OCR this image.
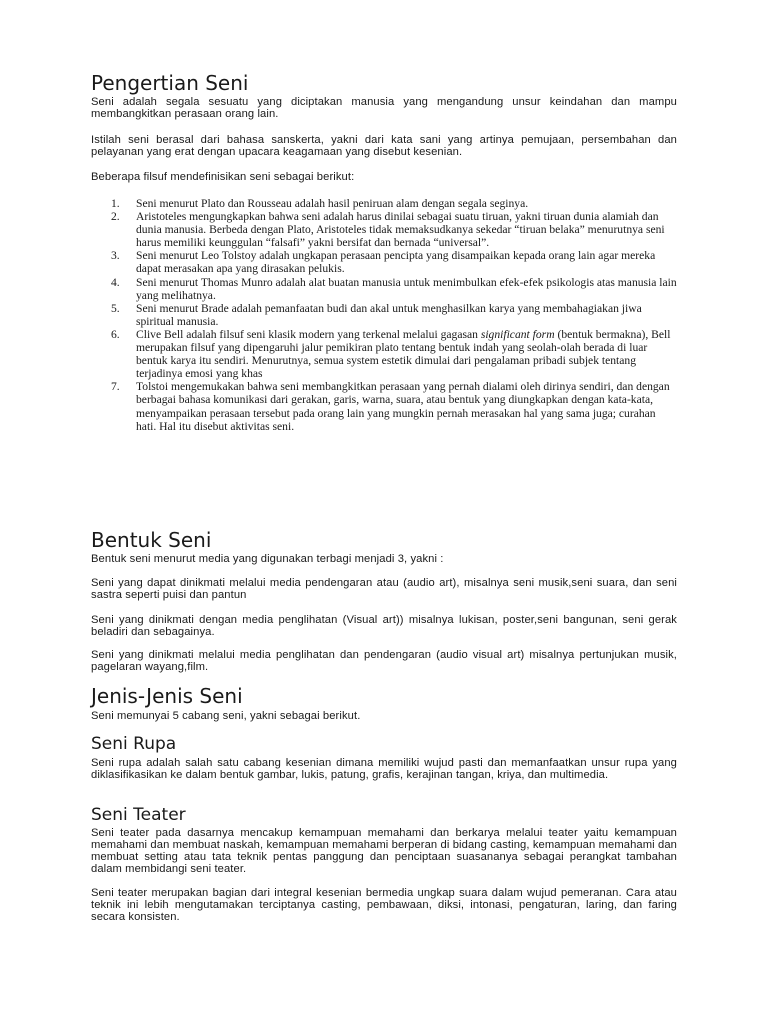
Pengertian Seni

Seni adalah segala sesuatu yang diciptakan manusia yang mengandung unsur keindahan dan mampu membangkitkan perasaan orang lain.

Istilah seni berasal dari bahasa sanskerta, yakni dari kata sani yang artinya pemujaan, persembahan dan pelayanan yang erat dengan upacara keagamaan yang disebut kesenian.

Beberapa filsuf mendefinisikan seni sebagai berikut:

1. Seni menurut Plato dan Rousseau adalah hasil peniruan alam dengan segala seginya.
2. Aristoteles mengungkapkan bahwa seni adalah harus dinilai sebagai suatu tiruan, yakni tiruan dunia alamiah dan dunia manusia. Berbeda dengan Plato, Aristoteles tidak memaksudkanya sekedar “tiruan belaka” menurutnya seni harus memiliki keunggulan “falsafi” yakni bersifat dan bernada “universal”.
3. Seni menurut Leo Tolstoy adalah ungkapan perasaan pencipta yang disampaikan kepada orang lain agar mereka dapat merasakan apa yang dirasakan pelukis.
4. Seni menurut Thomas Munro adalah alat buatan manusia untuk menimbulkan efek-efek psikologis atas manusia lain yang melihatnya.
5. Seni menurut Brade adalah pemanfaatan budi dan akal untuk menghasilkan karya yang membahagiakan jiwa spiritual manusia.
6. Clive Bell adalah filsuf seni klasik modern yang terkenal melalui gagasan significant form (bentuk bermakna), Bell merupakan filsuf yang dipengaruhi jalur pemikiran plato tentang bentuk indah yang seolah-olah berada di luar bentuk karya itu sendiri. Menurutnya, semua system estetik dimulai dari pengalaman pribadi subjek tentang terjadinya emosi yang khas
7. Tolstoi mengemukakan bahwa seni membangkitkan perasaan yang pernah dialami oleh dirinya sendiri, dan dengan berbagai bahasa komunikasi dari gerakan, garis, warna, suara, atau bentuk yang diungkapkan dengan kata-kata, menyampaikan perasaan tersebut pada orang lain yang mungkin pernah merasakan hal yang sama juga; curahan hati. Hal itu disebut aktivitas seni.
Bentuk Seni

Bentuk seni menurut media yang digunakan terbagi menjadi 3, yakni :

Seni yang dapat dinikmati melalui media pendengaran atau (audio art), misalnya seni musik,seni suara, dan seni sastra seperti puisi dan pantun

Seni yang dinikmati dengan media penglihatan (Visual art)) misalnya lukisan, poster,seni bangunan, seni gerak beladiri dan sebagainya.

Seni yang dinikmati melalui media penglihatan dan pendengaran (audio visual art) misalnya pertunjukan musik, pagelaran wayang,film.

Jenis-Jenis Seni

Seni memunyai 5 cabang seni, yakni sebagai berikut.

Seni Rupa

Seni rupa adalah salah satu cabang kesenian dimana memiliki wujud pasti dan memanfaatkan unsur rupa yang diklasifikasikan ke dalam bentuk gambar, lukis, patung, grafis, kerajinan tangan, kriya, dan multimedia.

Seni Teater

Seni teater pada dasarnya mencakup kemampuan memahami dan berkarya melalui teater yaitu kemampuan memahami dan membuat naskah, kemampuan memahami berperan di bidang casting, kemampuan memahami dan membuat setting atau tata teknik pentas panggung dan penciptaan suasananya sebagai perangkat tambahan dalam membidangi seni teater.

Seni teater merupakan bagian dari integral kesenian bermedia ungkap suara dalam wujud pemeranan. Cara atau teknik ini lebih mengutamakan terciptanya casting, pembawaan, diksi, intonasi, pengaturan, laring, dan faring secara konsisten.
